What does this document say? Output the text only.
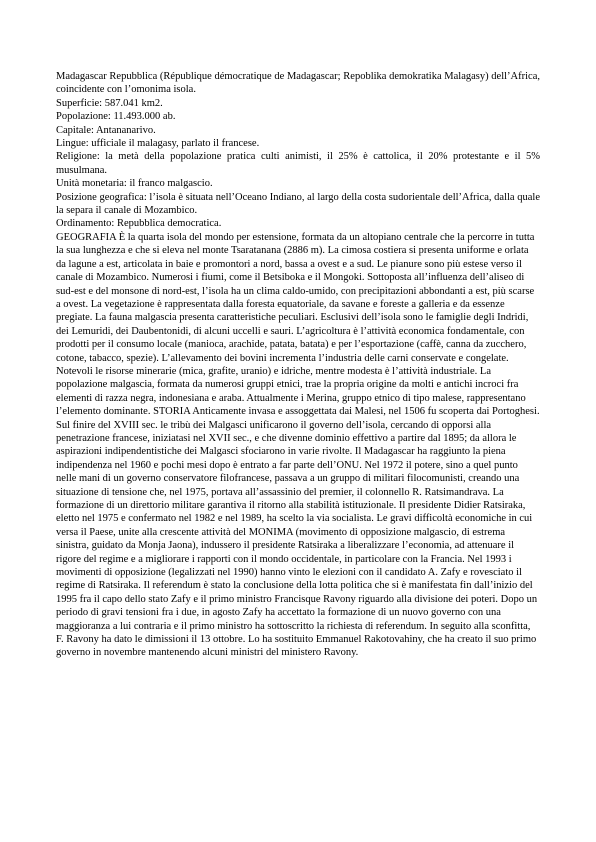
Madagascar Repubblica (République démocratique de Madagascar; Repoblika demokratika Malagasy) dell’Africa, coincidente con l’omonima isola.

Superficie: 587.041 km2.

Popolazione: 11.493.000 ab.

Capitale: Antananarivo.

Lingue: ufficiale il malagasy, parlato il francese.

Religione: la metà della popolazione pratica culti animisti, il 25% è cattolica, il 20% protestante e il 5% musulmana.

Unità monetaria: il franco malgascio.

Posizione geografica: l’isola è situata nell’Oceano Indiano, al largo della costa sudorientale dell’Africa, dalla quale la separa il canale di Mozambico.

Ordinamento: Repubblica democratica.

GEOGRAFIA È la quarta isola del mondo per estensione, formata da un altopiano centrale che la percorre in tutta la sua lunghezza e che si eleva nel monte Tsaratanana (2886 m). La cimosa costiera si presenta uniforme e orlata da lagune a est, articolata in baie e promontori a nord, bassa a ovest e a sud. Le pianure sono più estese verso il canale di Mozambico. Numerosi i fiumi, come il Betsiboka e il Mongoki. Sottoposta all’influenza dell’aliseo di sud-est e del monsone di nord-est, l’isola ha un clima caldo-umido, con precipitazioni abbondanti a est, più scarse a ovest. La vegetazione è rappresentata dalla foresta equatoriale, da savane e foreste a galleria e da essenze pregiate. La fauna malgascia presenta caratteristiche peculiari. Esclusivi dell’isola sono le famiglie degli Indridi, dei Lemuridi, dei Daubentonidi, di alcuni uccelli e sauri. L’agricoltura è l’attività economica fondamentale, con prodotti per il consumo locale (manioca, arachide, patata, batata) e per l’esportazione (caffè, canna da zucchero, cotone, tabacco, spezie). L’allevamento dei bovini incrementa l’industria delle carni conservate e congelate. Notevoli le risorse minerarie (mica, grafite, uranio) e idriche, mentre modesta è l’attività industriale. La popolazione malgascia, formata da numerosi gruppi etnici, trae la propria origine da molti e antichi incroci fra elementi di razza negra, indonesiana e araba. Attualmente i Merina, gruppo etnico di tipo malese, rappresentano l’elemento dominante. STORIA Anticamente invasa e assoggettata dai Malesi, nel 1506 fu scoperta dai Portoghesi. Sul finire del XVIII sec. le tribù dei Malgasci unificarono il governo dell’isola, cercando di opporsi alla penetrazione francese, iniziatasi nel XVII sec., e che divenne dominio effettivo a partire dal 1895; da allora le aspirazioni indipendentistiche dei Malgasci sfociarono in varie rivolte. Il Madagascar ha raggiunto la piena indipendenza nel 1960 e pochi mesi dopo è entrato a far parte dell’ONU. Nel 1972 il potere, sino a quel punto nelle mani di un governo conservatore filofrancese, passava a un gruppo di militari filocomunisti, creando una situazione di tensione che, nel 1975, portava all’assassinio del premier, il colonnello R. Ratsimandrava. La formazione di un direttorio militare garantiva il ritorno alla stabilità istituzionale. Il presidente Didier Ratsiraka, eletto nel 1975 e confermato nel 1982 e nel 1989, ha scelto la via socialista. Le gravi difficoltà economiche in cui versa il Paese, unite alla crescente attività del MONIMA (movimento di opposizione malgascio, di estrema sinistra, guidato da Monja Jaona), indussero il presidente Ratsiraka a liberalizzare l’economia, ad attenuare il rigore del regime e a migliorare i rapporti con il mondo occidentale, in particolare con la Francia. Nel 1993 i movimenti di opposizione (legalizzati nel 1990) hanno vinto le elezioni con il candidato A. Zafy e rovesciato il regime di Ratsiraka. Il referendum è stato la conclusione della lotta politica che si è manifestata fin dall’inizio del 1995 fra il capo dello stato Zafy e il primo ministro Francisque Ravony riguardo alla divisione dei poteri. Dopo un periodo di gravi tensioni fra i due, in agosto Zafy ha accettato la formazione di un nuovo governo con una maggioranza a lui contraria e il primo ministro ha sottoscritto la richiesta di referendum. In seguito alla sconfitta, F. Ravony ha dato le dimissioni il 13 ottobre. Lo ha sostituito Emmanuel Rakotovahiny, che ha creato il suo primo governo in novembre mantenendo alcuni ministri del ministero Ravony.
